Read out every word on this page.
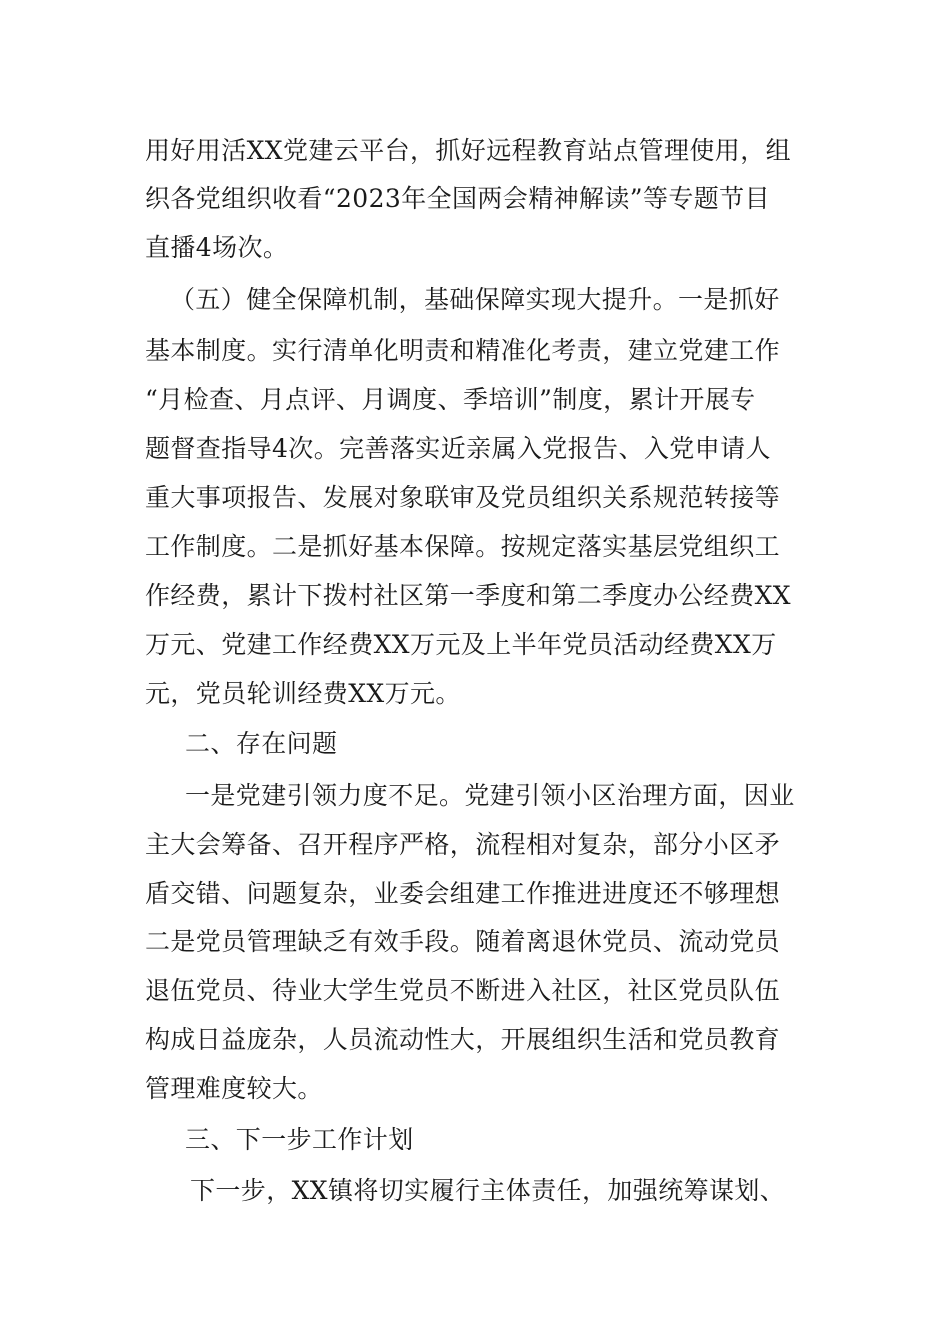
用好用活XX党建云平台，抓好远程教育站点管理使用，组
织各党组织收看“2023年全国两会精神解读”等专题节目
直播4场次。
（五）健全保障机制，基础保障实现大提升。一是抓好
基本制度。实行清单化明责和精准化考责，建立党建工作
“月检查、月点评、月调度、季培训”制度，累计开展专
题督查指导4次。完善落实近亲属入党报告、入党申请人
重大事项报告、发展对象联审及党员组织关系规范转接等
工作制度。二是抓好基本保障。按规定落实基层党组织工
作经费，累计下拨村社区第一季度和第二季度办公经费XX
万元、党建工作经费XX万元及上半年党员活动经费XX万
元，党员轮训经费XX万元。
二、存在问题
一是党建引领力度不足。党建引领小区治理方面，因业
主大会筹备、召开程序严格，流程相对复杂，部分小区矛
盾交错、问题复杂，业委会组建工作推进进度还不够理想
二是党员管理缺乏有效手段。随着离退休党员、流动党员
退伍党员、待业大学生党员不断进入社区，社区党员队伍
构成日益庞杂，人员流动性大，开展组织生活和党员教育
管理难度较大。
三、下一步工作计划
下一步，XX镇将切实履行主体责任，加强统筹谋划、
